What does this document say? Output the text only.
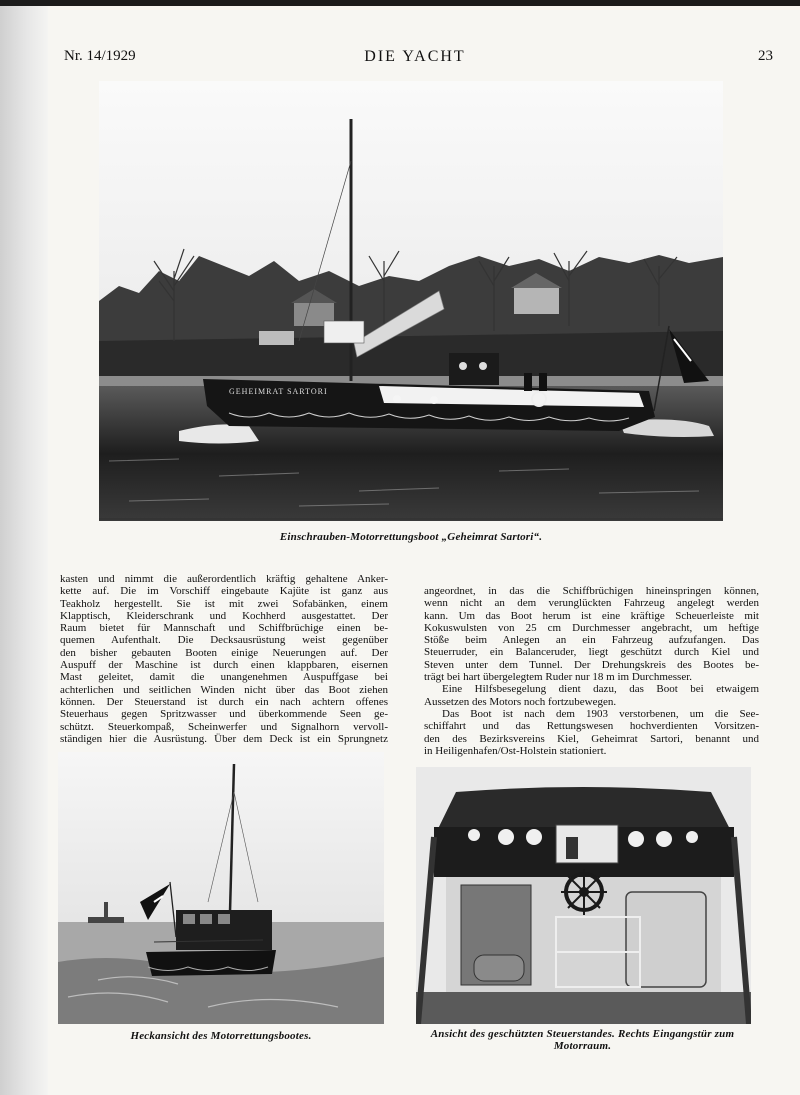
Nr. 14/1929	DIE YACHT	23
GEHEIMRAT SARTORI
Einschrauben-Motorrettungsboot „Geheimrat Sartori“.
kasten und nimmt die außerordentlich kräftig gehaltene Anker-
kette auf. Die im Vorschiff eingebaute Kajüte ist ganz aus
Teakholz hergestellt. Sie ist mit zwei Sofabänken, einem
Klapptisch, Kleiderschrank und Kochherd ausgestattet. Der
Raum bietet für Mannschaft und Schiffbrüchige einen be-
quemen Aufenthalt. Die Decksausrüstung weist gegenüber
den bisher gebauten Booten einige Neuerungen auf. Der
Auspuff der Maschine ist durch einen klappbaren, eisernen
Mast geleitet, damit die unangenehmen Auspuffgase bei
achterlichen und seitlichen Winden nicht über das Boot ziehen
können. Der Steuerstand ist durch ein nach achtern offenes
Steuerhaus gegen Spritzwasser und überkommende Seen ge-
schützt. Steuerkompaß, Scheinwerfer und Signalhorn vervoll-
ständigen hier die Ausrüstung. Über dem Deck ist ein Sprungnetz
angeordnet, in das die Schiffbrüchigen hineinspringen können,
wenn nicht an dem verunglückten Fahrzeug angelegt werden
kann. Um das Boot herum ist eine kräftige Scheuerleiste mit
Kokuswulsten von 25 cm Durchmesser angebracht, um heftige
Stöße beim Anlegen an ein Fahrzeug aufzufangen. Das
Steuerruder, ein Balanceruder, liegt geschützt durch Kiel und
Steven unter dem Tunnel. Der Drehungskreis des Bootes be-
trägt bei hart übergelegtem Ruder nur 18 m im Durchmesser.
Eine Hilfsbesegelung dient dazu, das Boot bei etwaigem
Aussetzen des Motors noch fortzubewegen.
Das Boot ist nach dem 1903 verstorbenen, um die See-
schiffahrt und das Rettungswesen hochverdienten Vorsitzen-
den des Bezirksvereins Kiel, Geheimrat Sartori, benannt und
in Heiligenhafen/Ost-Holstein stationiert.
Heckansicht des Motorrettungsbootes.	Ansicht des geschützten Steuerstandes. Rechts Eingangstür zum Motorraum.
